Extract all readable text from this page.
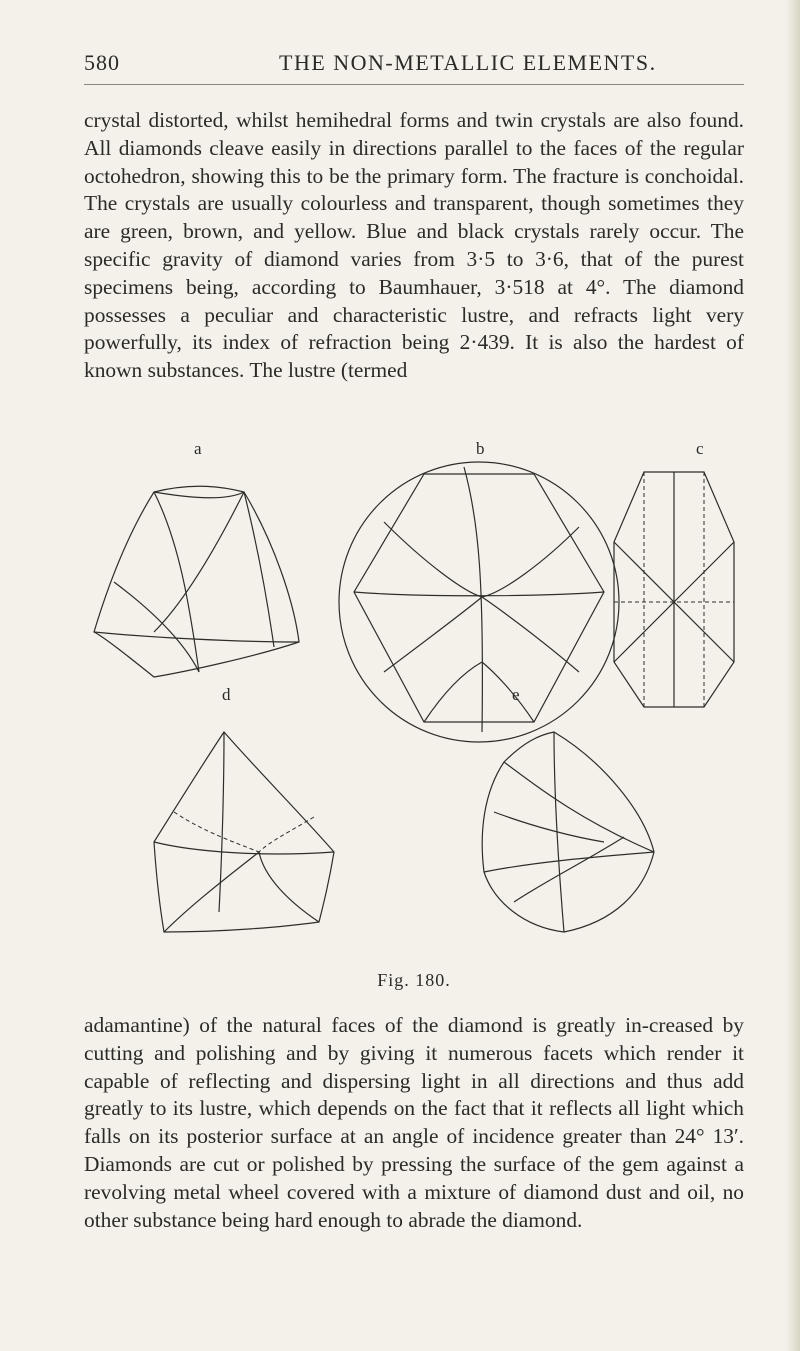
580	THE NON-METALLIC ELEMENTS.

crystal distorted, whilst hemihedral forms and twin crystals are also found. All diamonds cleave easily in directions parallel to the faces of the regular octohedron, showing this to be the primary form. The fracture is conchoidal. The crystals are usually colourless and transparent, though sometimes they are green, brown, and yellow. Blue and black crystals rarely occur. The specific gravity of diamond varies from 3·5 to 3·6, that of the purest specimens being, according to Baumhauer, 3·518 at 4°. The diamond possesses a peculiar and characteristic lustre, and refracts light very powerfully, its index of refraction being 2·439. It is also the hardest of known substances. The lustre (termed

a	b	c
d	e
Fig. 180.

adamantine) of the natural faces of the diamond is greatly in-creased by cutting and polishing and by giving it numerous facets which render it capable of reflecting and dispersing light in all directions and thus add greatly to its lustre, which depends on the fact that it reflects all light which falls on its posterior surface at an angle of incidence greater than 24° 13′. Diamonds are cut or polished by pressing the surface of the gem against a revolving metal wheel covered with a mixture of diamond dust and oil, no other substance being hard enough to abrade the diamond.
